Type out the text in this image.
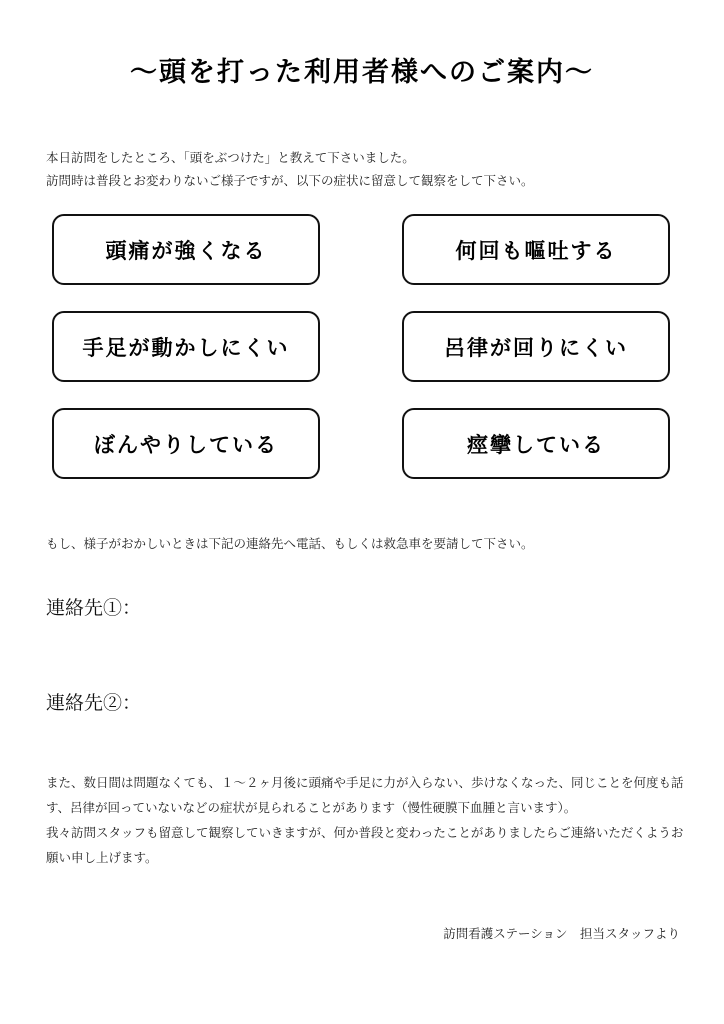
～頭を打った利用者様へのご案内～

本日訪問をしたところ、「頭をぶつけた」と教えて下さいました。

訪問時は普段とお変わりないご様子ですが、以下の症状に留意して観察をして下さい。

頭痛が強くなる	何回も嘔吐する
手足が動かしにくい	呂律が回りにくい
ぼんやりしている	痙攣している
もし、様子がおかしいときは下記の連絡先へ電話、もしくは救急車を要請して下さい。
連絡先①：
連絡先②：

また、数日間は問題なくても、１～２ヶ月後に頭痛や手足に力が入らない、歩けなくなった、同じことを何度も話す、呂律が回っていないなどの症状が見られることがあります（慢性硬膜下血腫と言います）。

我々訪問スタッフも留意して観察していきますが、何か普段と変わったことがありましたらご連絡いただくようお願い申し上げます。

訪問看護ステーション　担当スタッフより
